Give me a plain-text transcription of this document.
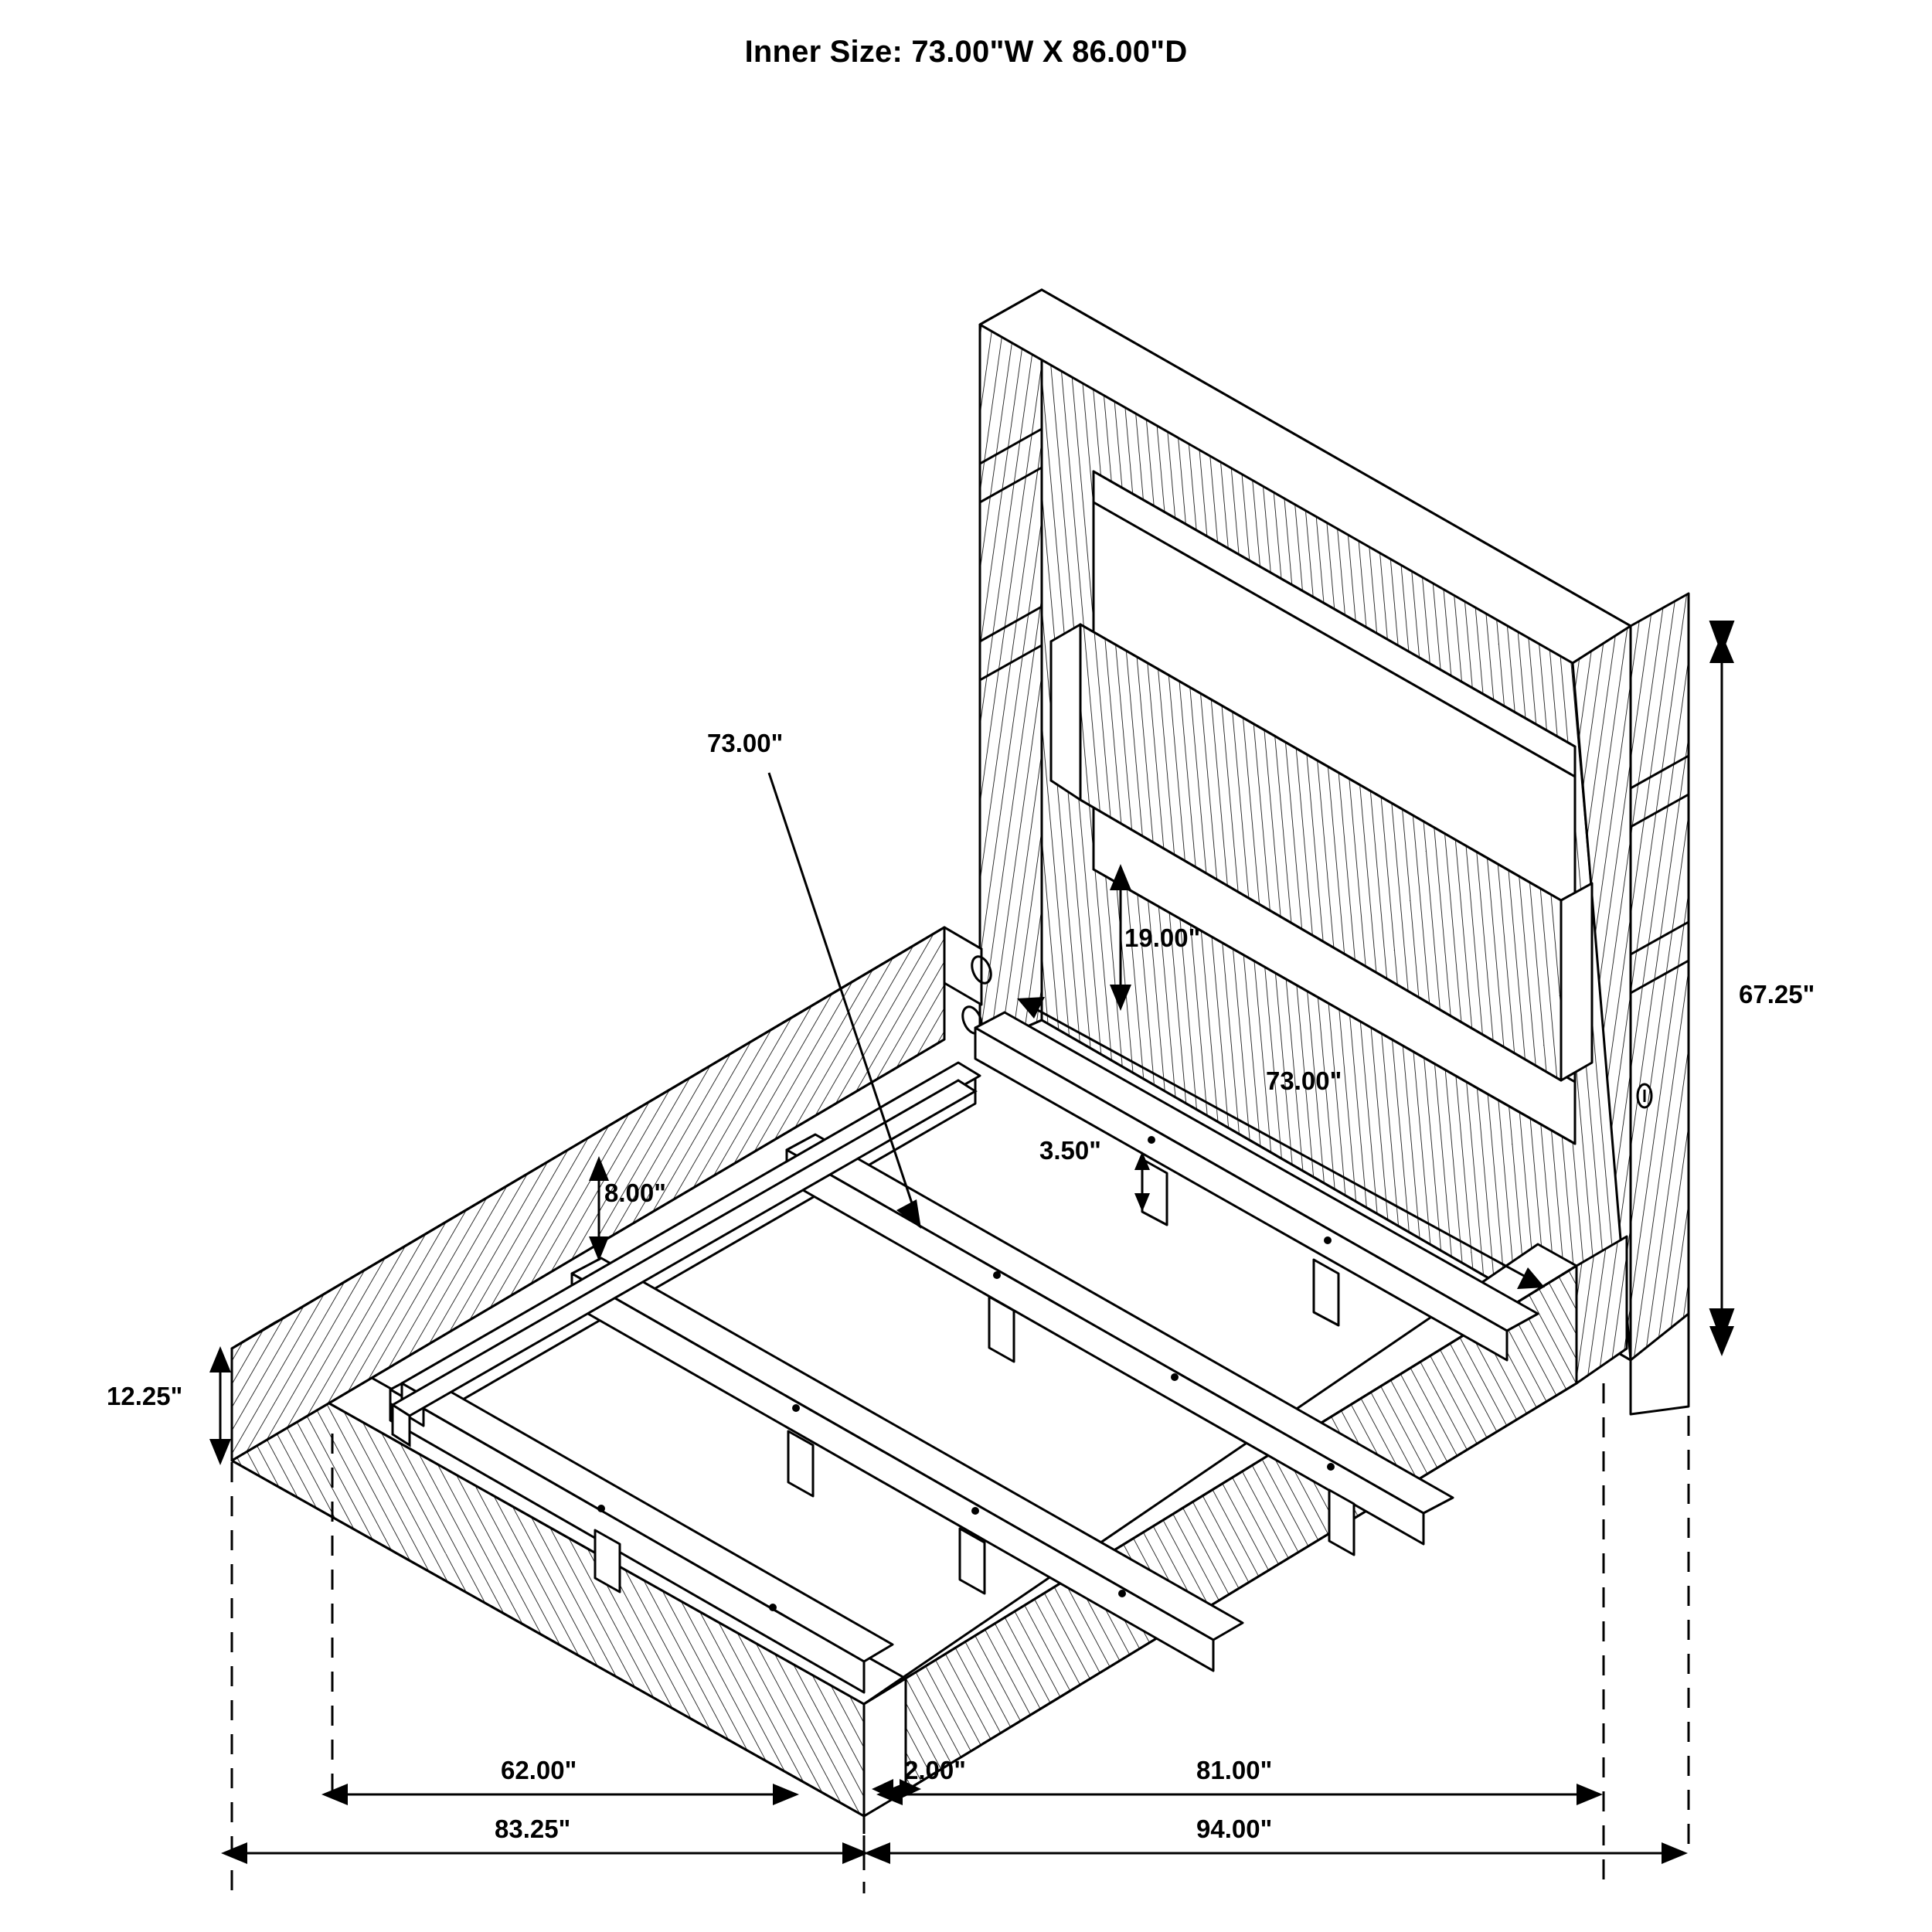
Inner Size: 73.00"W X 86.00"D
67.25"
73.00"
73.00"
19.00"
3.50"
8.00"
12.25"
2.00"	81.00"
94.00"
62.00"
83.25"
